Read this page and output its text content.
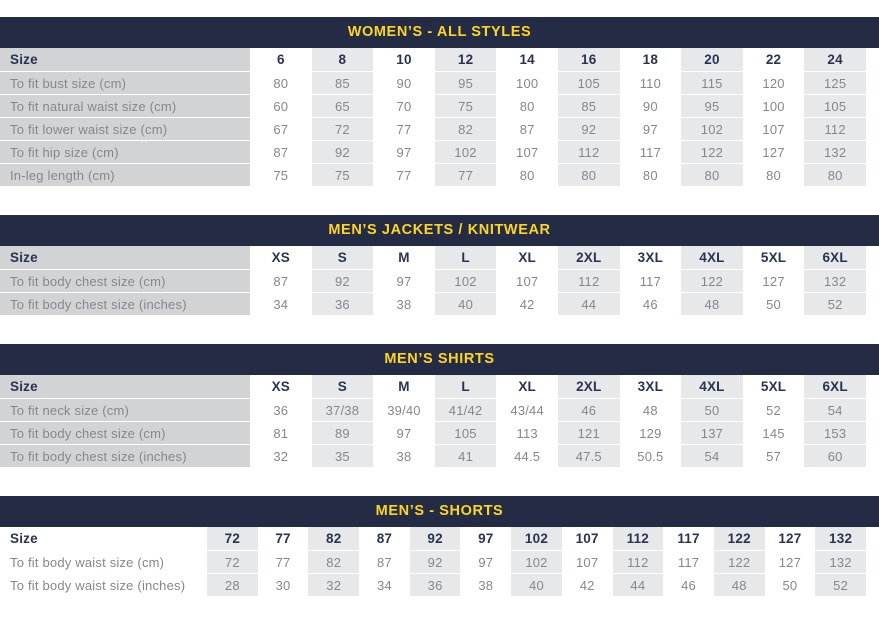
WOMEN’S - ALL STYLES
Size	6	8	10	12	14	16	18	20	22	24
To fit bust size (cm)	80	85	90	95	100	105	110	115	120	125
To fit natural waist size (cm)	60	65	70	75	80	85	90	95	100	105
To fit lower waist size (cm)	67	72	77	82	87	92	97	102	107	112
To fit hip size (cm)	87	92	97	102	107	112	117	122	127	132
In-leg length (cm)	75	75	77	77	80	80	80	80	80	80
MEN’S JACKETS / KNITWEAR
Size	XS	S	M	L	XL	2XL	3XL	4XL	5XL	6XL
To fit body chest size (cm)	87	92	97	102	107	112	117	122	127	132
To fit body chest size (inches)	34	36	38	40	42	44	46	48	50	52
MEN’S SHIRTS
Size	XS	S	M	L	XL	2XL	3XL	4XL	5XL	6XL
To fit neck size (cm)	36	37/38	39/40	41/42	43/44	46	48	50	52	54
To fit body chest size (cm)	81	89	97	105	113	121	129	137	145	153
To fit body chest size (inches)	32	35	38	41	44.5	47.5	50.5	54	57	60
MEN’S - SHORTS
Size	72	77	82	87	92	97	102	107	112	117	122	127	132
To fit body waist size (cm)	72	77	82	87	92	97	102	107	112	117	122	127	132
To fit body waist size (inches)	28	30	32	34	36	38	40	42	44	46	48	50	52
